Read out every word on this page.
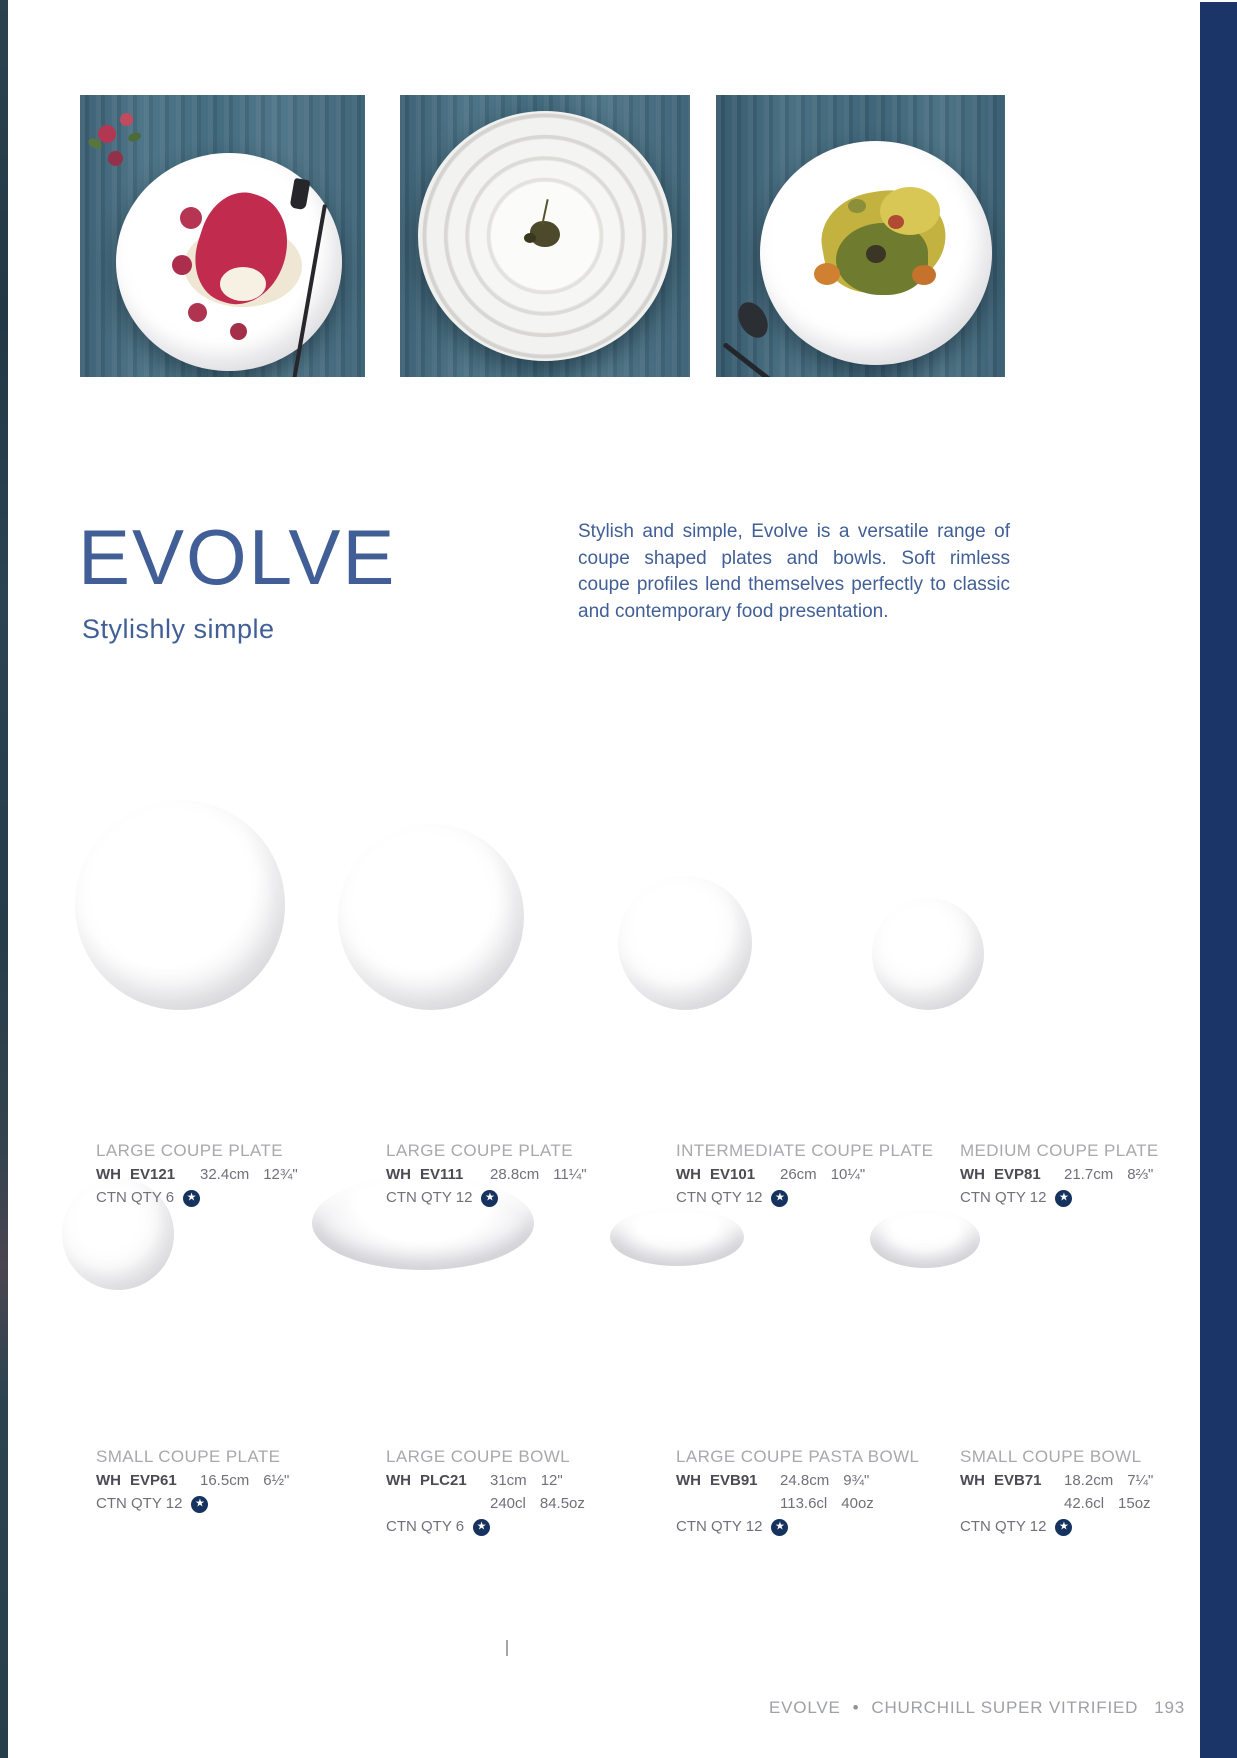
EVOLVE
Stylishly simple
Stylish and simple, Evolve is a versatile range of coupe shaped plates and bowls. Soft rimless coupe profiles lend themselves perfectly to classic and contemporary food presentation.
LARGE COUPE PLATE
WH EV121 32.4cm 12¾"
CTN QTY 6 ★
LARGE COUPE PLATE
WH EV111 28.8cm 11¼"
CTN QTY 12 ★
INTERMEDIATE COUPE PLATE
WH EV101 26cm 10¼"
CTN QTY 12 ★
MEDIUM COUPE PLATE
WH EVP81 21.7cm 8⅔"
CTN QTY 12 ★
SMALL COUPE PLATE
WH EVP61 16.5cm 6½"
CTN QTY 12 ★
LARGE COUPE BOWL
WH PLC21 31cm 12"
240cl 84.5oz
CTN QTY 6 ★
LARGE COUPE PASTA BOWL
WH EVB91 24.8cm 9¾"
113.6cl 40oz
CTN QTY 12 ★
SMALL COUPE BOWL
WH EVB71 18.2cm 7¼"
42.6cl 15oz
CTN QTY 12 ★
EVOLVE • CHURCHILL SUPER VITRIFIED 193
